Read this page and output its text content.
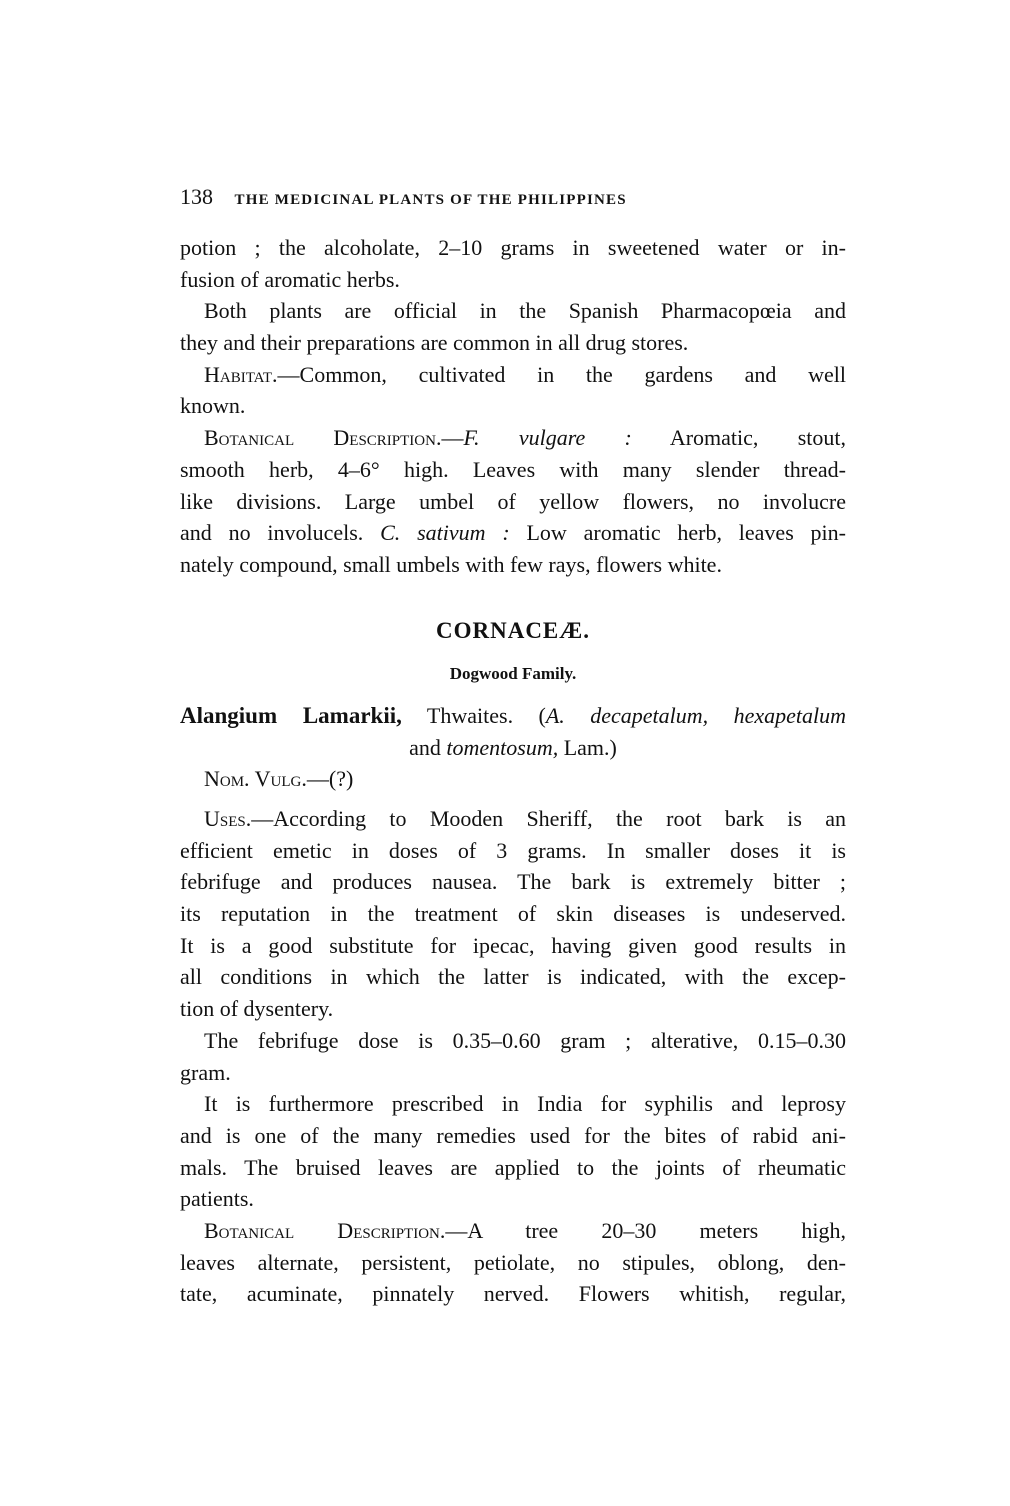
138 THE MEDICINAL PLANTS OF THE PHILIPPINES
potion ; the alcoholate, 2–10 grams in sweetened water or in-
fusion of aromatic herbs.
Both plants are official in the Spanish Pharmacopœia and
they and their preparations are common in all drug stores.
Habitat.—Common, cultivated in the gardens and well
known.
Botanical Description.—F. vulgare : Aromatic, stout,
smooth herb, 4–6° high. Leaves with many slender thread-
like divisions. Large umbel of yellow flowers, no involucre
and no involucels. C. sativum : Low aromatic herb, leaves pin-
nately compound, small umbels with few rays, flowers white.
CORNACEÆ.
Dogwood Family.
Alangium Lamarkii, Thwaites. (A. decapetalum, hexapetalum
and tomentosum, Lam.)
Nom. Vulg.—(?)
Uses.—According to Mooden Sheriff, the root bark is an
efficient emetic in doses of 3 grams. In smaller doses it is
febrifuge and produces nausea. The bark is extremely bitter ;
its reputation in the treatment of skin diseases is undeserved.
It is a good substitute for ipecac, having given good results in
all conditions in which the latter is indicated, with the excep-
tion of dysentery.
The febrifuge dose is 0.35–0.60 gram ; alterative, 0.15–0.30
gram.
It is furthermore prescribed in India for syphilis and leprosy
and is one of the many remedies used for the bites of rabid ani-
mals. The bruised leaves are applied to the joints of rheumatic
patients.
Botanical Description.—A tree 20–30 meters high,
leaves alternate, persistent, petiolate, no stipules, oblong, den-
tate, acuminate, pinnately nerved. Flowers whitish, regular,
